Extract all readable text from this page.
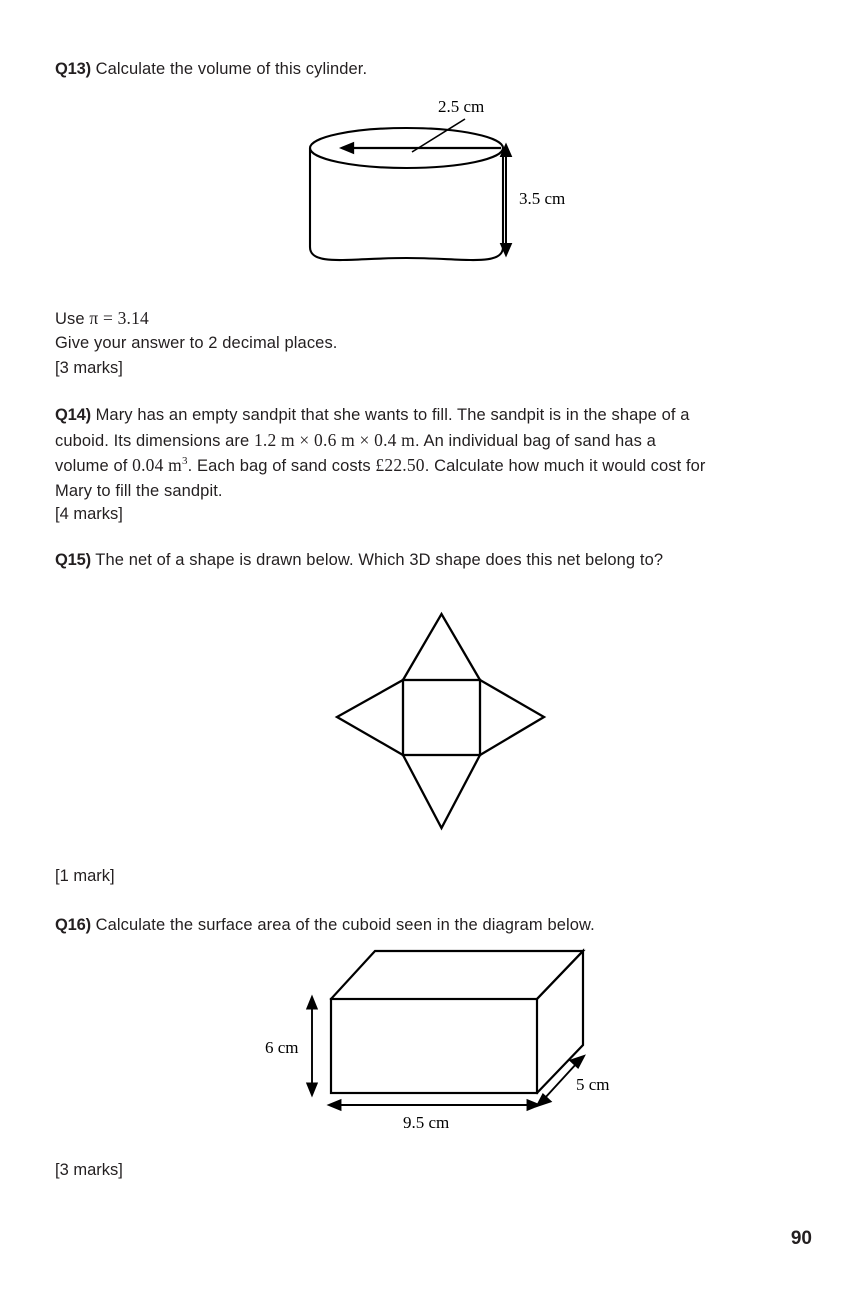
Q13) Calculate the volume of this cylinder.
2.5 cm
3.5 cm
Use π = 3.14
Give your answer to 2 decimal places.
[3 marks]
Q14) Mary has an empty sandpit that she wants to fill. The sandpit is in the shape of a
cuboid. Its dimensions are 1.2 m × 0.6 m × 0.4 m. An individual bag of sand has a
volume of 0.04 $m^3$. Each bag of sand costs £22.50. Calculate how much it would cost for
Mary to fill the sandpit.
[4 marks]
Q15) The net of a shape is drawn below. Which 3D shape does this net belong to?
[1 mark]
Q16) Calculate the surface area of the cuboid seen in the diagram below.
6 cm
9.5 cm
5 cm
[3 marks]
90
